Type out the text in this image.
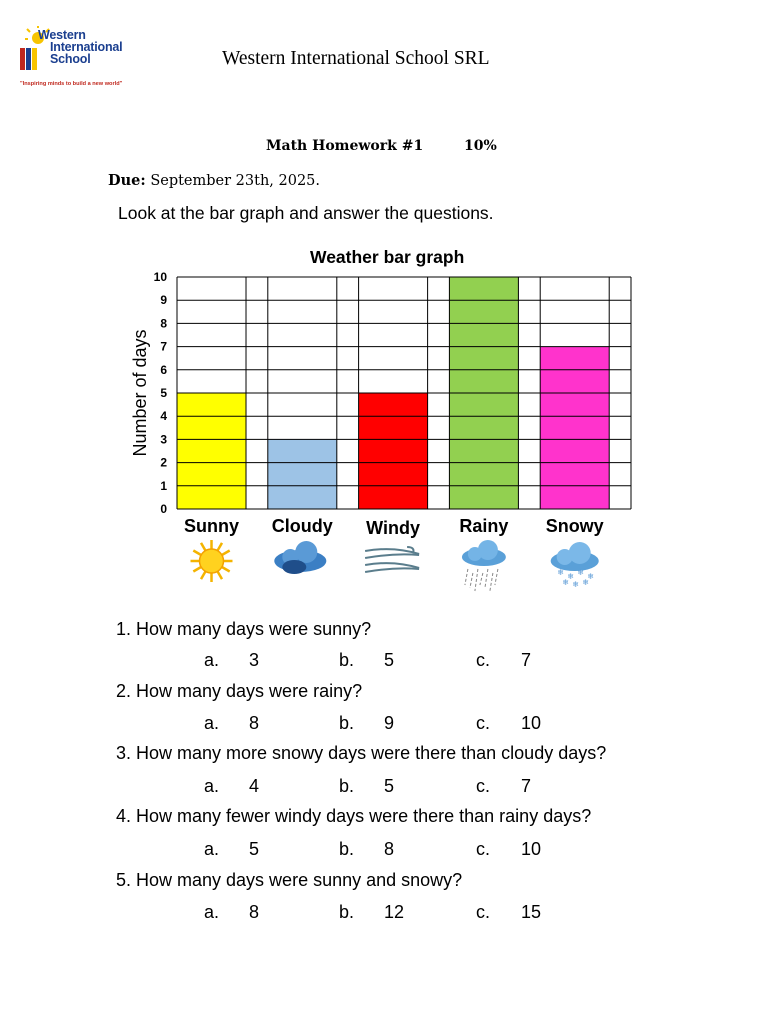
Western
International
School
"Inspiring minds to build a new world"
Western International School SRL
Math Homework #1	10%
Due: September 23th, 2025.
Look at the bar graph and answer the questions.
Weather bar graph
0
1
2
3
4
5
6
7
8
9
10
Number of days
Sunny Cloudy Windy Rainy Snowy
❄ ❄ ❄ ❄
❄ ❄ ❄
1. How many days were sunny?
a. 3	b. 5	c. 7
2. How many days were rainy?
a. 8	b. 9	c. 10
3. How many more snowy days were there than cloudy days?
a. 4	b. 5	c. 7
4. How many fewer windy days were there than rainy days?
a. 5	b. 8	c. 10
5. How many days were sunny and snowy?
a. 8	b. 12	c. 15
